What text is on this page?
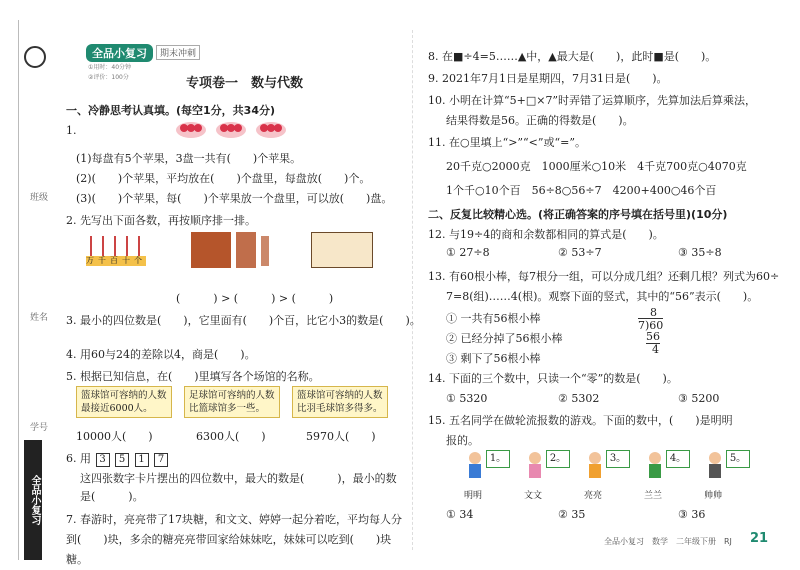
班级
姓名
学号
全品小复习
全品小复习	期末冲刺
①用时：40分钟
②评价：100分	专项卷一　数与代数
一、冷静思考认真填。(每空1分，共34分)
1.
(1)每盘有5个苹果，3盘一共有(　　)个苹果。
(2)(　　)个苹果，平均放在(　　)个盘里，每盘放(　　)个。
(3)(　　)个苹果，每(　　)个苹果放一个盘里，可以放(　　)盘。
2. 先写出下面各数，再按顺序排一排。
万千百十个
(　　　) > (　　　) > (　　　)
3. 最小的四位数是(　　)，它里面有(　　)个百，比它小3的数是(　　)。
4. 用60与24的差除以4，商是(　　)。
5. 根据已知信息，在(　　)里填写各个场馆的名称。
篮球馆可容纳的人数最接近6000人。
足球馆可容纳的人数比篮球馆多一些。
篮球馆可容纳的人数比羽毛球馆多得多。
10000人(　　)	6300人(　　)	5970人(　　)
6. 用 3 5 1 7
这四张数字卡片摆出的四位数中，最大的数是(　　　)，最小的数是(　　　)。
7. 春游时，亮亮带了17块糖，和文文、婷婷一起分着吃，平均每人分到(　　)块，多余的糖亮亮带回家给妹妹吃，妹妹可以吃到(　　)块糖。
8. 在■÷4=5……▲中，▲最大是(　　)，此时■是(　　)。
9. 2021年7月1日是星期四，7月31日是(　　)。
10. 小明在计算“5+□×7”时弄错了运算顺序，先算加法后算乘法，
结果得数是56。正确的得数是(　　)。
11. 在○里填上“>”“<”或“=”。
20千克○2000克　1000厘米○10米　4千克700克○4070克
1个千○10个百　56÷8○56÷7　4200+400○46个百
二、反复比较精心选。(将正确答案的序号填在括号里)(10分)
12. 与19÷4的商和余数都相同的算式是(　　)。
① 27÷8	② 53÷7	③ 35÷8
13. 有60根小棒，每7根分一组，可以分成几组？还剩几根？列式为60÷
7=8(组)……4(根)。观察下面的竖式，其中的“56”表示(　　)。
① 一共有56根小棒
② 已经分掉了56根小棒
③ 剩下了56根小棒
8
7)60
56
4
14. 下面的三个数中，只读一个“零”的数是(　　)。
① 5320	② 5302	③ 5200
15. 五名同学在做轮流报数的游戏。下面的数中，(　　)是明明
报的。
1。	2。	3。	4。	5。
明明	文文	亮亮	兰兰	帅帅
① 34	② 35	③ 36
全品小复习　数学　二年级下册　RJ 21
